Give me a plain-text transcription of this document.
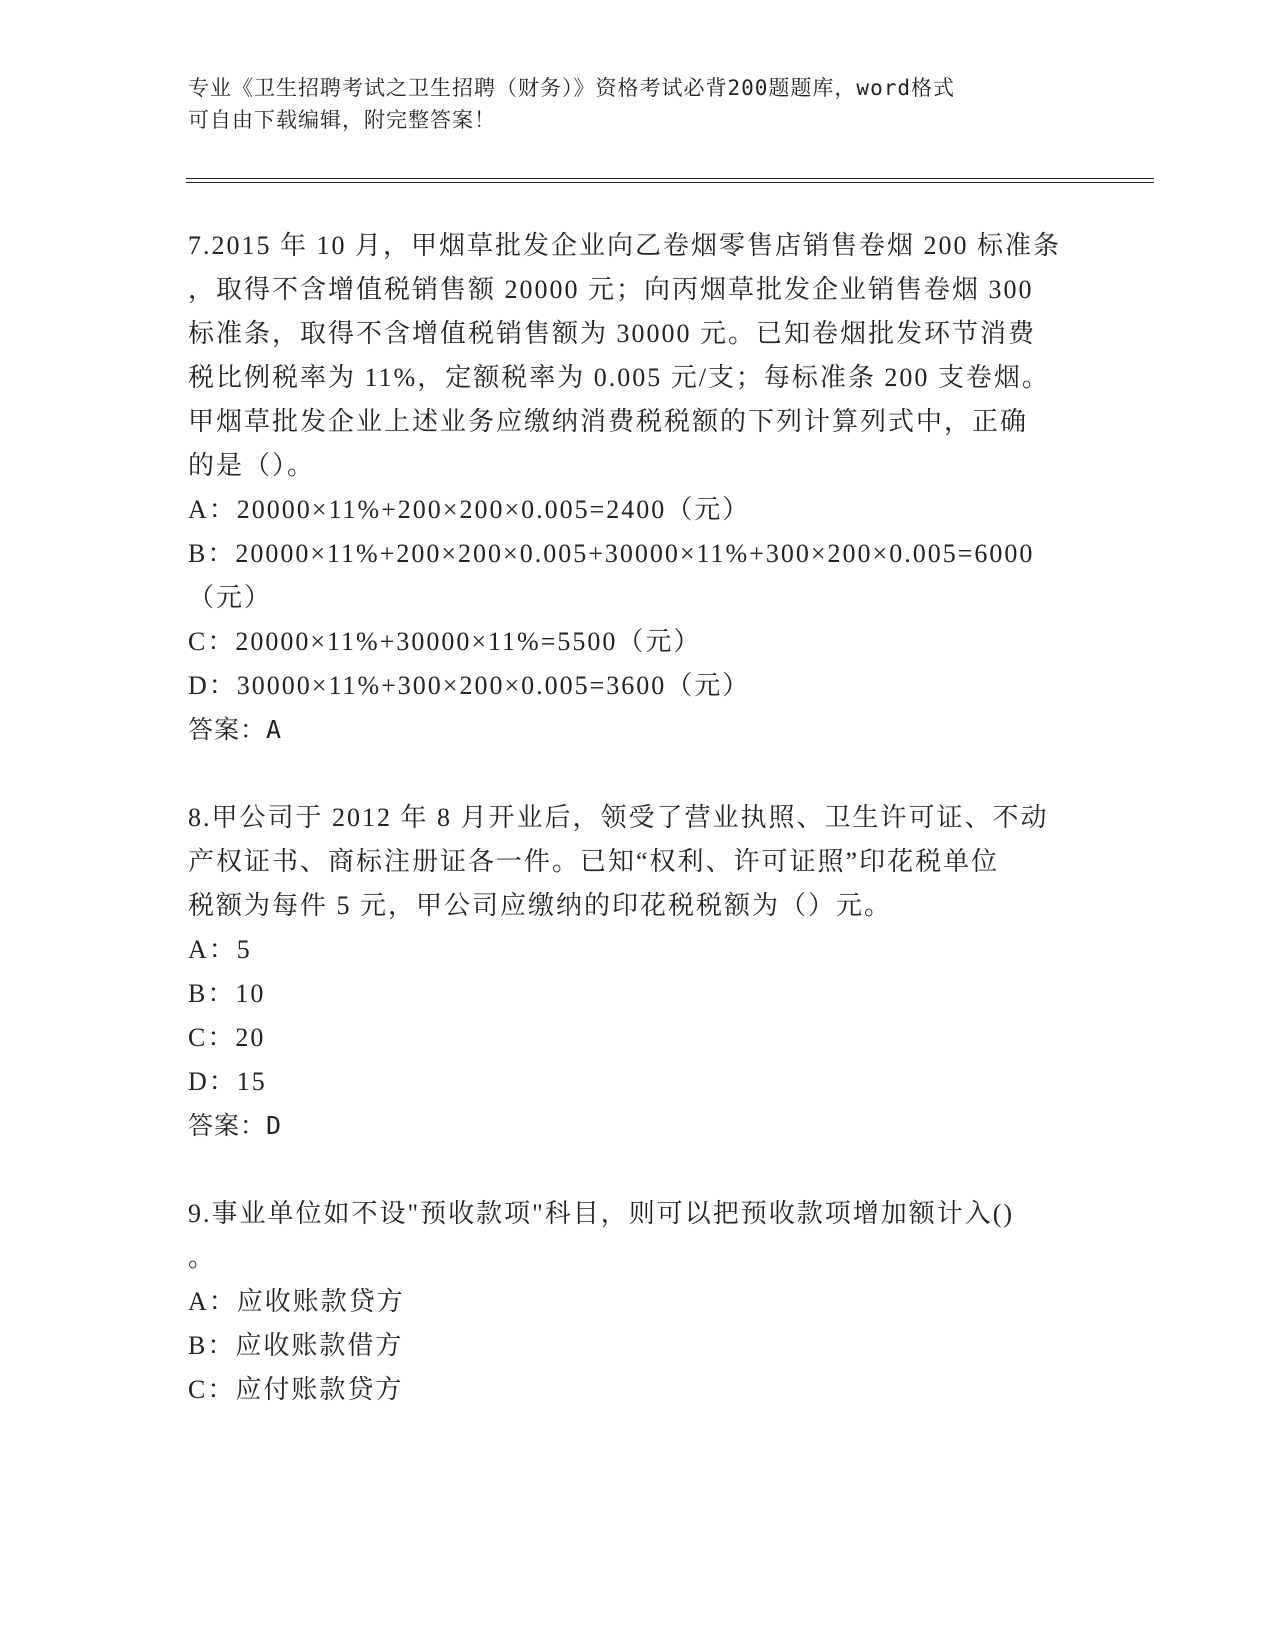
专业《卫生招聘考试之卫生招聘（财务）》资格考试必背200题题库，word格式

可自由下载编辑，附完整答案！

7.2015 年 10 月，甲烟草批发企业向乙卷烟零售店销售卷烟 200 标准条
，取得不含增值税销售额 20000 元；向丙烟草批发企业销售卷烟 300
标准条，取得不含增值税销售额为 30000 元。已知卷烟批发环节消费
税比例税率为 11%，定额税率为 0.005 元/支；每标准条 200 支卷烟。
甲烟草批发企业上述业务应缴纳消费税税额的下列计算列式中，正确
的是（）。
A：20000×11%+200×200×0.005=2400（元）
B：20000×11%+200×200×0.005+30000×11%+300×200×0.005=6000
（元）
C：20000×11%+30000×11%=5500（元）
D：30000×11%+300×200×0.005=3600（元）
答案：A
8.甲公司于 2012 年 8 月开业后，领受了营业执照、卫生许可证、不动
产权证书、商标注册证各一件。已知“权利、许可证照”印花税单位
税额为每件 5 元，甲公司应缴纳的印花税税额为（）元。
A：5
B：10
C：20
D：15
答案：D
9.事业单位如不设"预收款项"科目，则可以把预收款项增加额计入()
。
A：应收账款贷方
B：应收账款借方
C：应付账款贷方
